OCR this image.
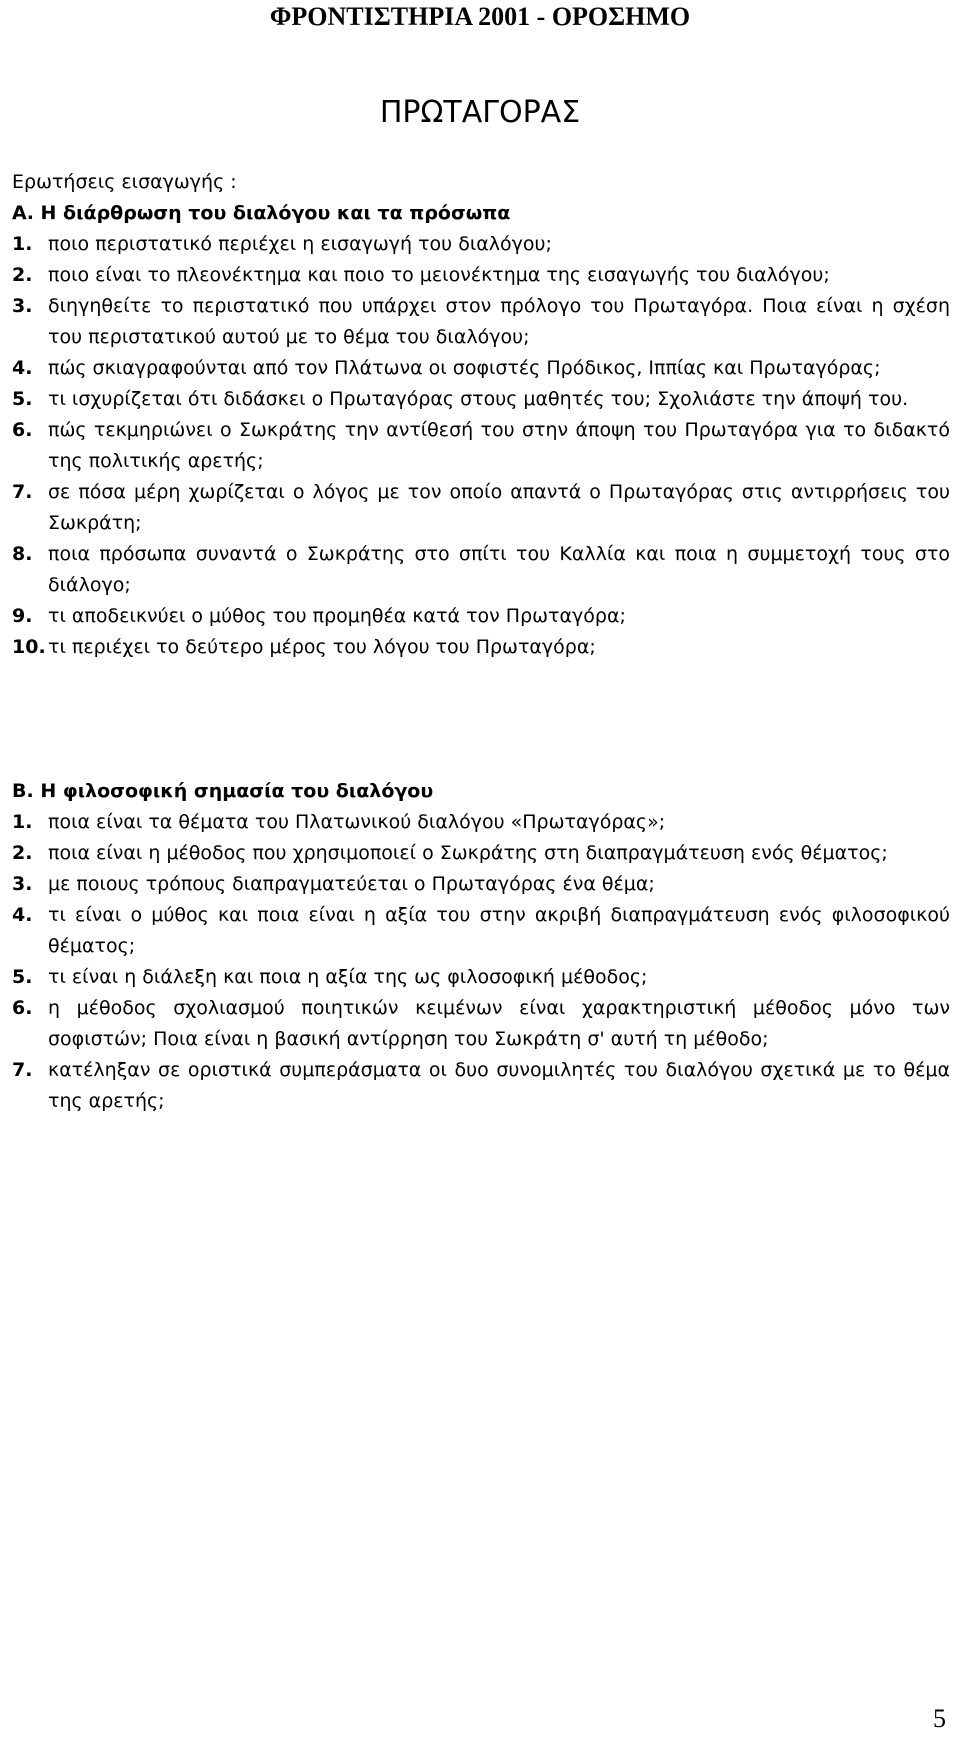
ΦΡΟΝΤΙΣΤΗΡΙΑ 2001 - ΟΡΟΣΗΜΟ
ΠΡΩΤΑΓΟΡΑΣ
Ερωτήσεις εισαγωγής :
Α. Η διάρθρωση του διαλόγου και τα πρόσωπα
1. ποιο περιστατικό περιέχει η εισαγωγή του διαλόγου;
2. ποιο είναι το πλεονέκτημα και ποιο το μειονέκτημα της εισαγωγής του διαλόγου;
3. διηγηθείτε το περιστατικό που υπάρχει στον πρόλογο του Πρωταγόρα. Ποια είναι η σχέση του περιστατικού αυτού με το θέμα του διαλόγου;
4. πώς σκιαγραφούνται από τον Πλάτωνα οι σοφιστές Πρόδικος, Ιππίας και Πρωταγόρας;
5. τι ισχυρίζεται ότι διδάσκει ο Πρωταγόρας στους μαθητές του; Σχολιάστε την άποψή του.
6. πώς τεκμηριώνει ο Σωκράτης την αντίθεσή του στην άποψη του Πρωταγόρα για το διδακτό της πολιτικής αρετής;
7. σε πόσα μέρη χωρίζεται ο λόγος με τον οποίο απαντά ο Πρωταγόρας στις αντιρρήσεις του Σωκράτη;
8. ποια πρόσωπα συναντά ο Σωκράτης στο σπίτι του Καλλία και ποια η συμμετοχή τους στο διάλογο;
9. τι αποδεικνύει ο μύθος του προμηθέα κατά τον Πρωταγόρα;
10. τι περιέχει το δεύτερο μέρος του λόγου του Πρωταγόρα;
Β. Η φιλοσοφική σημασία του διαλόγου
1. ποια είναι τα θέματα του Πλατωνικού διαλόγου «Πρωταγόρας»;
2. ποια είναι η μέθοδος που χρησιμοποιεί ο Σωκράτης στη διαπραγμάτευση ενός θέματος;
3. με ποιους τρόπους διαπραγματεύεται ο Πρωταγόρας ένα θέμα;
4. τι είναι ο μύθος και ποια είναι η αξία του στην ακριβή διαπραγμάτευση ενός φιλοσοφικού θέματος;
5. τι είναι η διάλεξη και ποια η αξία της ως φιλοσοφική μέθοδος;
6. η μέθοδος σχολιασμού ποιητικών κειμένων είναι χαρακτηριστική μέθοδος μόνο των σοφιστών; Ποια είναι η βασική αντίρρηση του Σωκράτη σ' αυτή τη μέθοδο;
7. κατέληξαν σε οριστικά συμπεράσματα οι δυο συνομιλητές του διαλόγου σχετικά με το θέμα της αρετής;
5
